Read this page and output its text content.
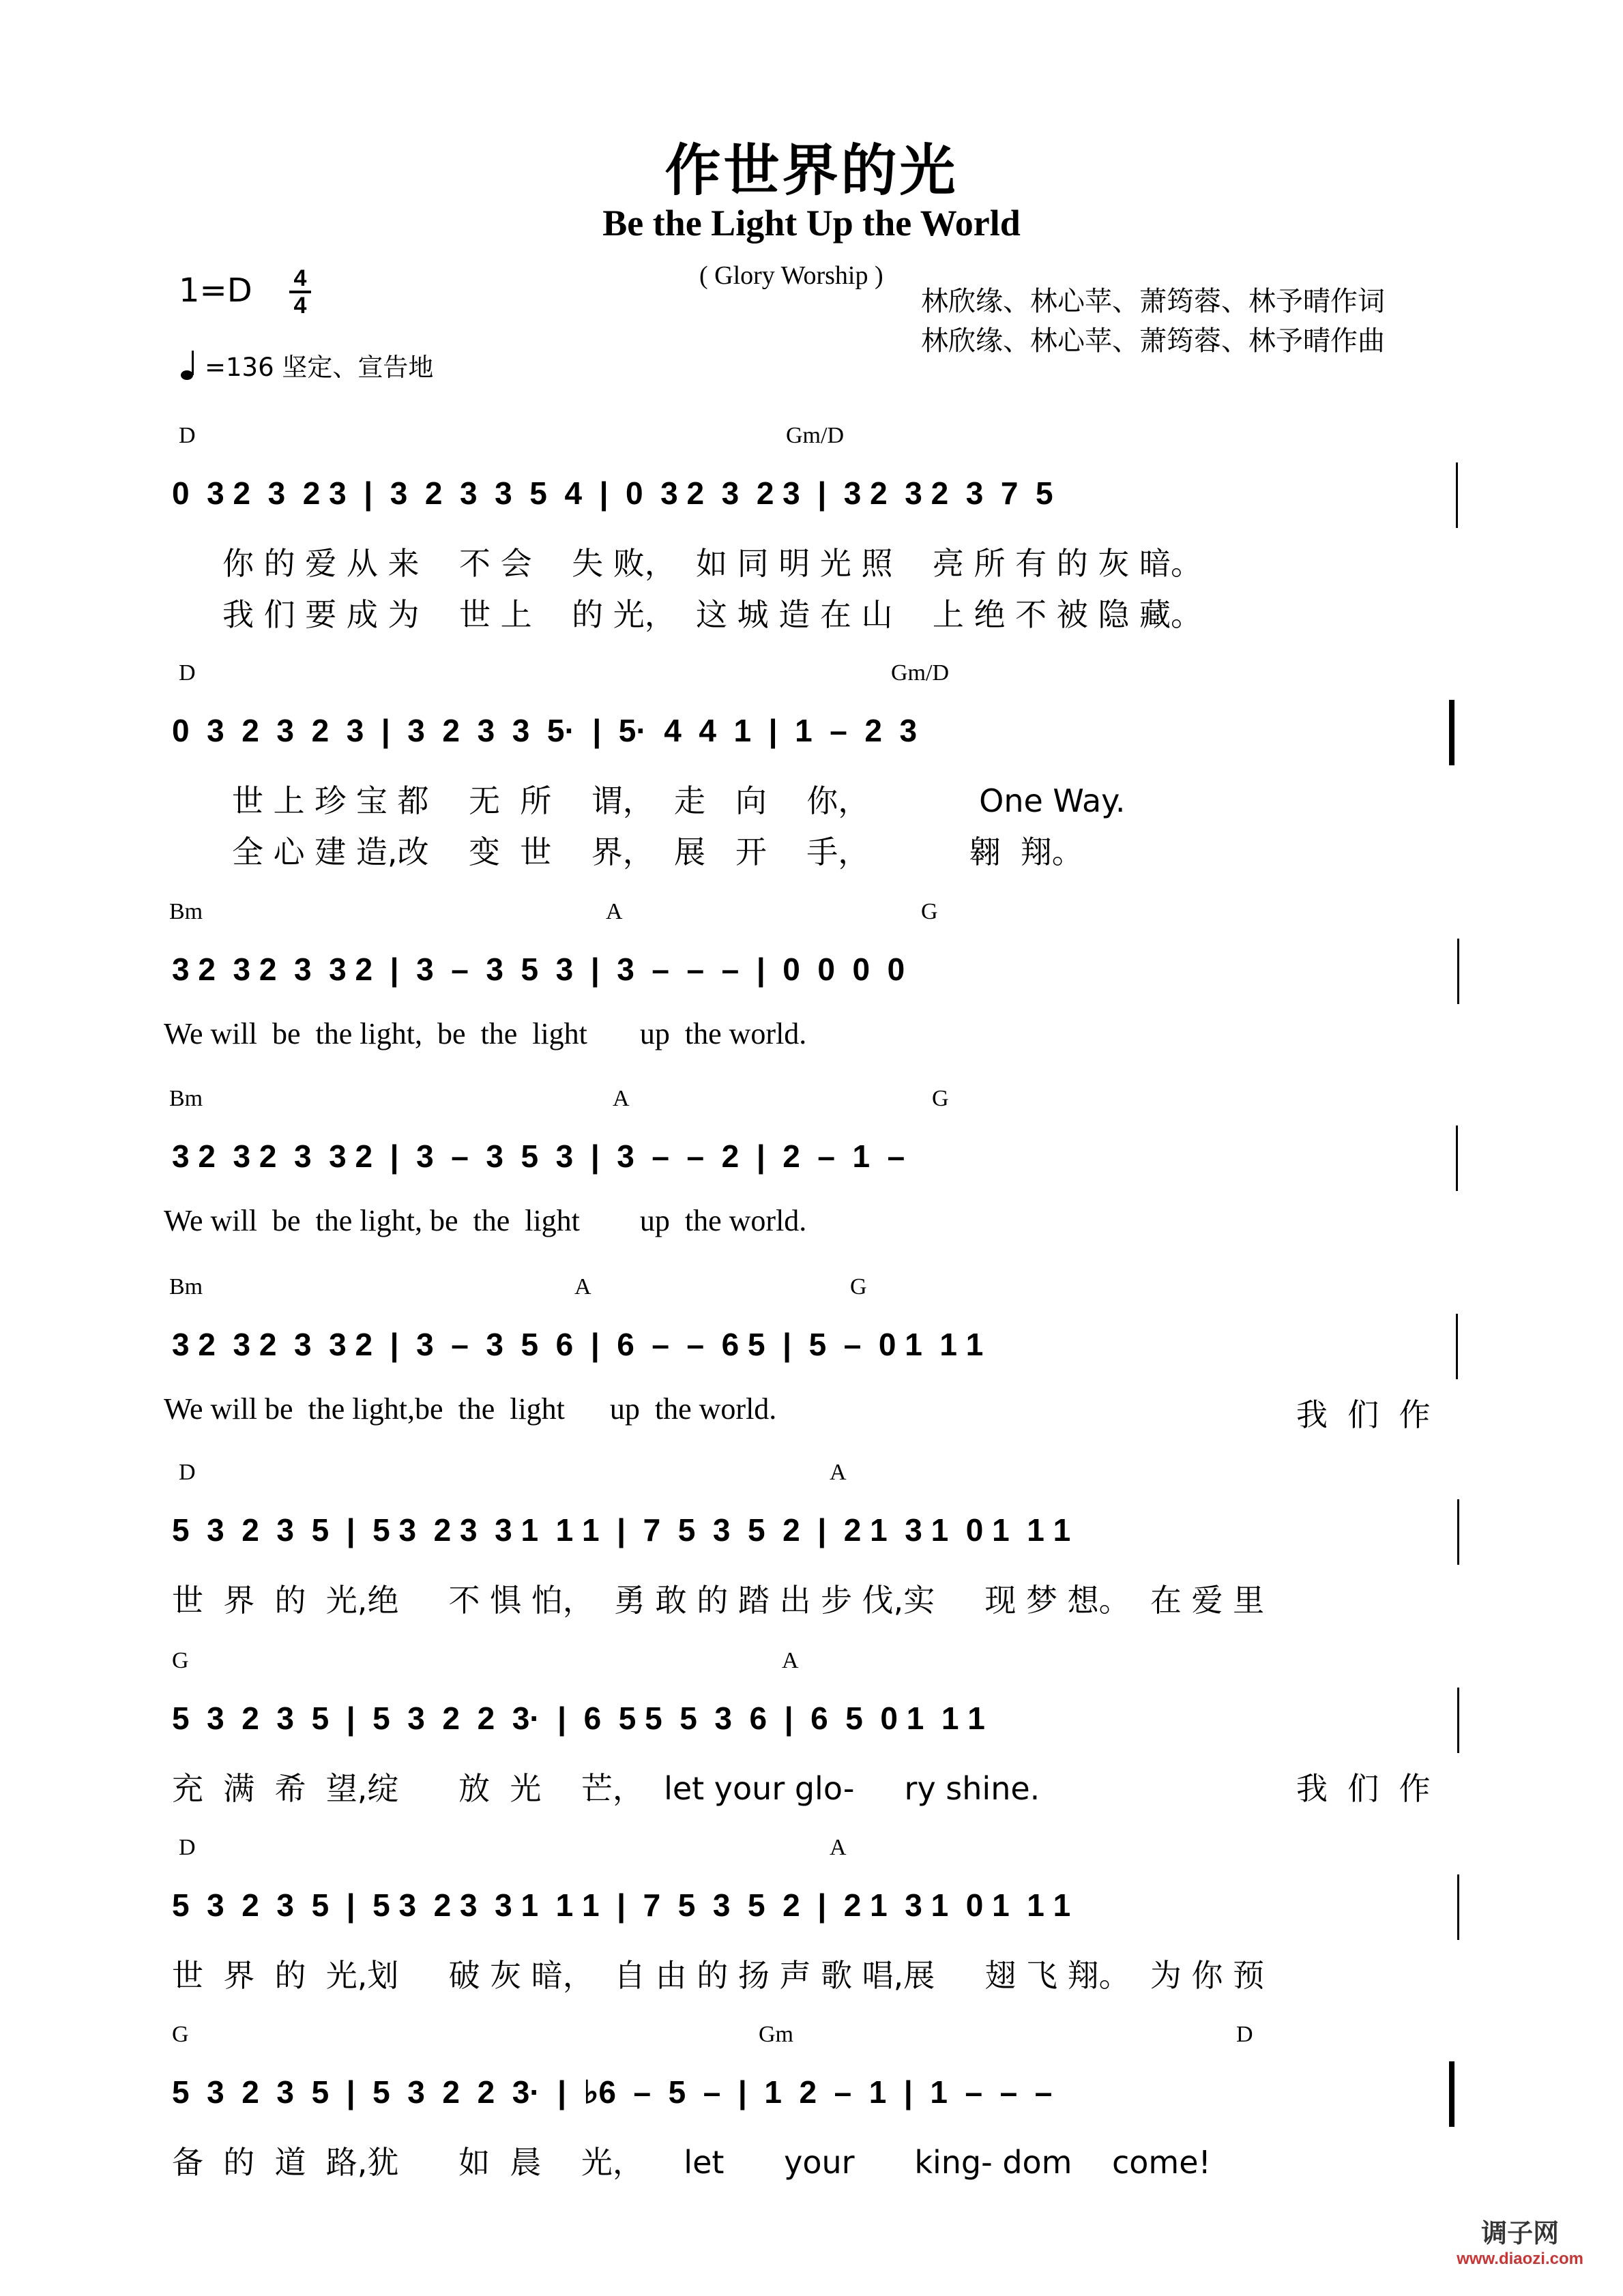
作世界的光
Be the Light Up the World
1=D	4
4
( Glory Worship )
林欣缘、林心苹、萧筠蓉、林予晴作词
林欣缘、林心苹、萧筠蓉、林予晴作曲
=136 坚定、宣告地
D	Gm/D
0  3 2  3  2 3  |  3  2  3  3  5  4  |  0  3 2  3  2 3  |  3 2  3 2  3  7  5
你 的 爱 从 来    不 会    失 败，  如 同 明 光 照    亮 所 有 的 灰 暗。
我 们 要 成 为    世 上    的 光，  这 城 造 在 山    上 绝 不 被 隐 藏。
D	Gm/D
0  3  2  3  2  3  |  3  2  3  3  5·  |  5·  4  4  1  |  1  –  2  3
世 上 珍 宝 都    无  所    谓，  走   向    你，           One Way.
全 心 建 造,改    变  世    界，  展   开    手，          翱  翔。
Bm	A	G
3 2  3 2  3  3 2  |  3  –  3  5  3  |  3  –  –  –  |  0  0  0  0
We will  be  the light,  be  the  light       up  the world.
Bm	A	G
3 2  3 2  3  3 2  |  3  –  3  5  3  |  3  –  –  2  |  2  –  1  –
We will  be  the light, be  the  light        up  the world.
Bm	A	G
3 2  3 2  3  3 2  |  3  –  3  5  6  |  6  –  –  6 5  |  5  –  0 1  1 1
We will be  the light,be  the  light      up  the world.	我  们  作
D	A
5  3  2  3  5  |  5 3  2 3  3 1  1 1  |  7  5  3  5  2  |  2 1  3 1  0 1  1 1
世  界  的  光,绝     不 惧 怕，  勇 敢 的 踏 出 步 伐,实     现 梦 想。  在 爱 里
G	A
5  3  2  3  5  |  5  3  2  2  3·  |  6  5 5  5  3  6  |  6  5  0 1  1 1
充  满  希  望,绽      放  光    芒，  let your glo-     ry shine.	我  们  作
D	A
5  3  2  3  5  |  5 3  2 3  3 1  1 1  |  7  5  3  5  2  |  2 1  3 1  0 1  1 1
世  界  的  光,划     破 灰 暗，  自 由 的 扬 声 歌 唱,展     翅 飞 翔。  为 你 预
G	Gm	D
5  3  2  3  5  |  5  3  2  2  3·  |  ♭6  –  5  –  |  1  2  –  1  |  1  –  –  –
备  的  道  路,犹      如  晨    光，    let      your      king- dom    come!
调子网
www.diaozi.com
